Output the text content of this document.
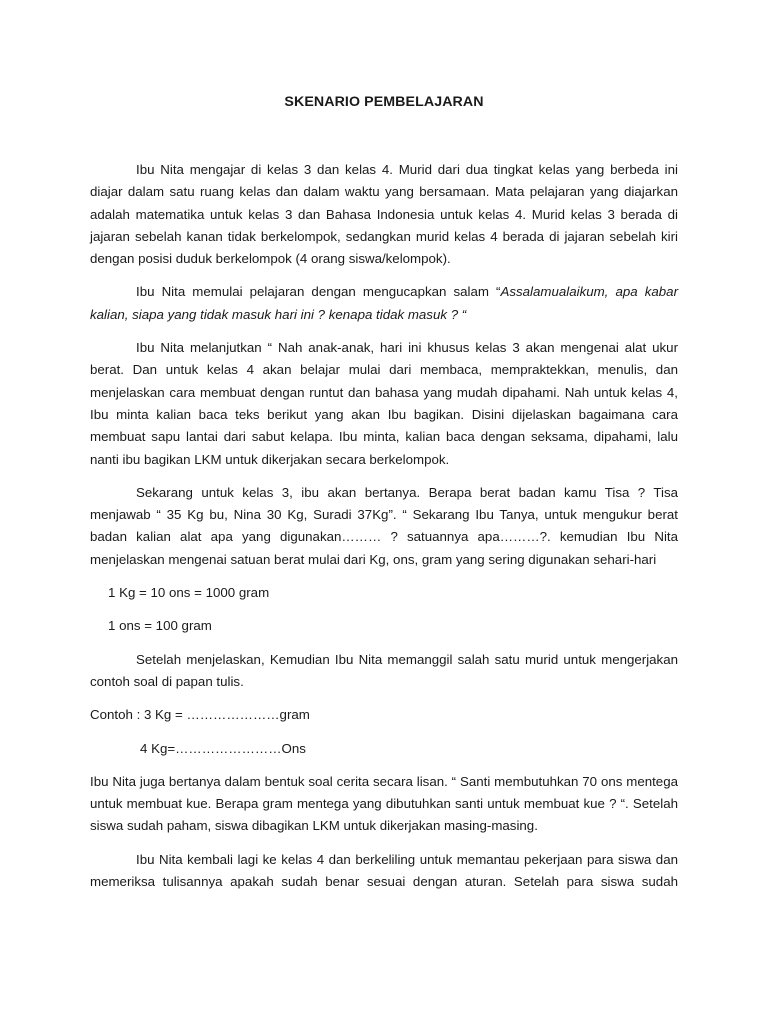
SKENARIO PEMBELAJARAN

Ibu Nita mengajar di kelas 3 dan kelas 4. Murid dari dua tingkat kelas yang berbeda ini diajar dalam satu ruang kelas dan dalam waktu yang bersamaan. Mata pelajaran yang diajarkan adalah matematika untuk kelas 3 dan Bahasa Indonesia untuk kelas 4. Murid kelas 3 berada di jajaran sebelah kanan tidak berkelompok, sedangkan murid kelas 4 berada di jajaran sebelah kiri dengan posisi duduk berkelompok (4 orang siswa/kelompok).

Ibu Nita memulai pelajaran dengan mengucapkan salam “Assalamualaikum, apa kabar kalian, siapa yang tidak masuk hari ini ? kenapa tidak masuk ? “

Ibu Nita melanjutkan “ Nah anak-anak, hari ini khusus kelas 3 akan mengenai alat ukur berat. Dan untuk kelas 4 akan belajar mulai dari membaca, mempraktekkan, menulis, dan menjelaskan cara membuat dengan runtut dan bahasa yang mudah dipahami. Nah untuk kelas 4, Ibu minta kalian baca teks berikut yang akan Ibu bagikan. Disini dijelaskan bagaimana cara membuat sapu lantai dari sabut kelapa. Ibu minta, kalian baca dengan seksama, dipahami, lalu nanti ibu bagikan LKM untuk dikerjakan secara berkelompok.

Sekarang untuk kelas 3, ibu akan bertanya. Berapa berat badan kamu Tisa ? Tisa menjawab “ 35 Kg bu, Nina 30 Kg, Suradi 37Kg”. “ Sekarang Ibu Tanya, untuk mengukur berat badan kalian alat apa yang digunakan……… ? satuannya apa………?. kemudian Ibu Nita menjelaskan mengenai satuan berat mulai dari Kg, ons, gram yang sering digunakan sehari-hari

1 Kg = 10 ons = 1000 gram

1 ons = 100 gram

Setelah menjelaskan, Kemudian Ibu Nita memanggil salah satu murid untuk mengerjakan contoh soal di papan tulis.

Contoh : 3 Kg = …………………gram

4 Kg=……………………Ons

Ibu Nita juga bertanya dalam bentuk soal cerita secara lisan. “ Santi membutuhkan 70 ons mentega untuk membuat kue. Berapa gram mentega yang dibutuhkan santi untuk membuat kue ? “. Setelah siswa sudah paham, siswa dibagikan LKM untuk dikerjakan masing-masing.

Ibu Nita kembali lagi ke kelas 4 dan berkeliling untuk memantau pekerjaan para siswa dan memeriksa tulisannya apakah sudah benar sesuai dengan aturan. Setelah para siswa sudah
